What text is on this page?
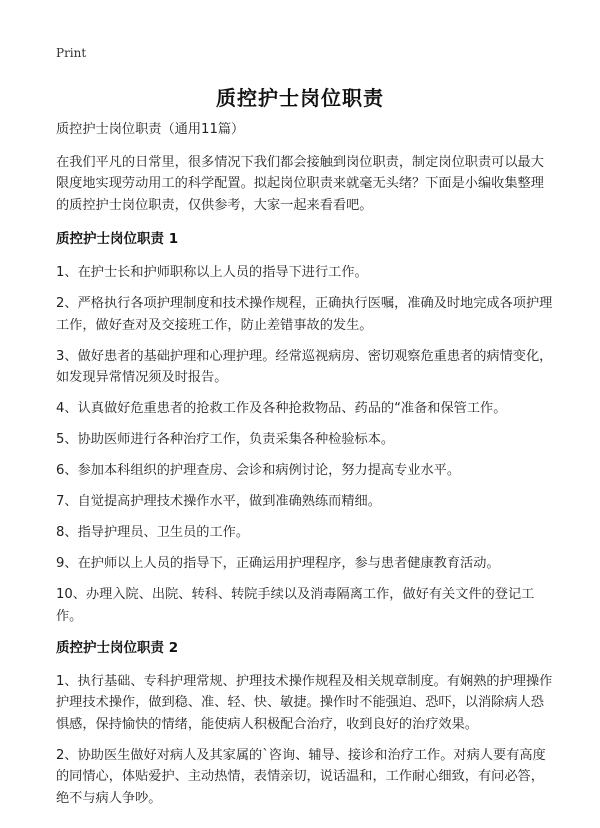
Print
质控护士岗位职责

质控护士岗位职责（通用11篇）

在我们平凡的日常里，很多情况下我们都会接触到岗位职责，制定岗位职责可以最大限度地实现劳动用工的科学配置。拟起岗位职责来就毫无头绪？下面是小编收集整理的质控护士岗位职责，仅供参考，大家一起来看看吧。

质控护士岗位职责 1

1、在护士长和护师职称以上人员的指导下进行工作。

2、严格执行各项护理制度和技术操作规程，正确执行医嘱，准确及时地完成各项护理工作，做好查对及交接班工作，防止差错事故的发生。

3、做好患者的基础护理和心理护理。经常巡视病房、密切观察危重患者的病情变化，如发现异常情况须及时报告。

4、认真做好危重患者的抢救工作及各种抢救物品、药品的“准备和保管工作。

5、协助医师进行各种治疗工作，负责采集各种检验标本。

6、参加本科组织的护理查房、会诊和病例讨论，努力提高专业水平。

7、自觉提高护理技术操作水平，做到准确熟练而精细。

8、指导护理员、卫生员的工作。

9、在护师以上人员的指导下，正确运用护理程序，参与患者健康教育活动。

10、办理入院、出院、转科、转院手续以及消毒隔离工作，做好有关文件的登记工作。

质控护士岗位职责 2

1、执行基础、专科护理常规、护理技术操作规程及相关规章制度。有娴熟的护理操作护理技术操作，做到稳、准、轻、快、敏捷。操作时不能强迫、恐吓，以消除病人恐惧感，保持愉快的情绪，能使病人积极配合治疗，收到良好的治疗效果。

2、协助医生做好对病人及其家属的`咨询、辅导、接诊和治疗工作。对病人要有高度的同情心，体贴爱护、主动热情，表情亲切，说话温和，工作耐心细致，有问必答，绝不与病人争吵。
